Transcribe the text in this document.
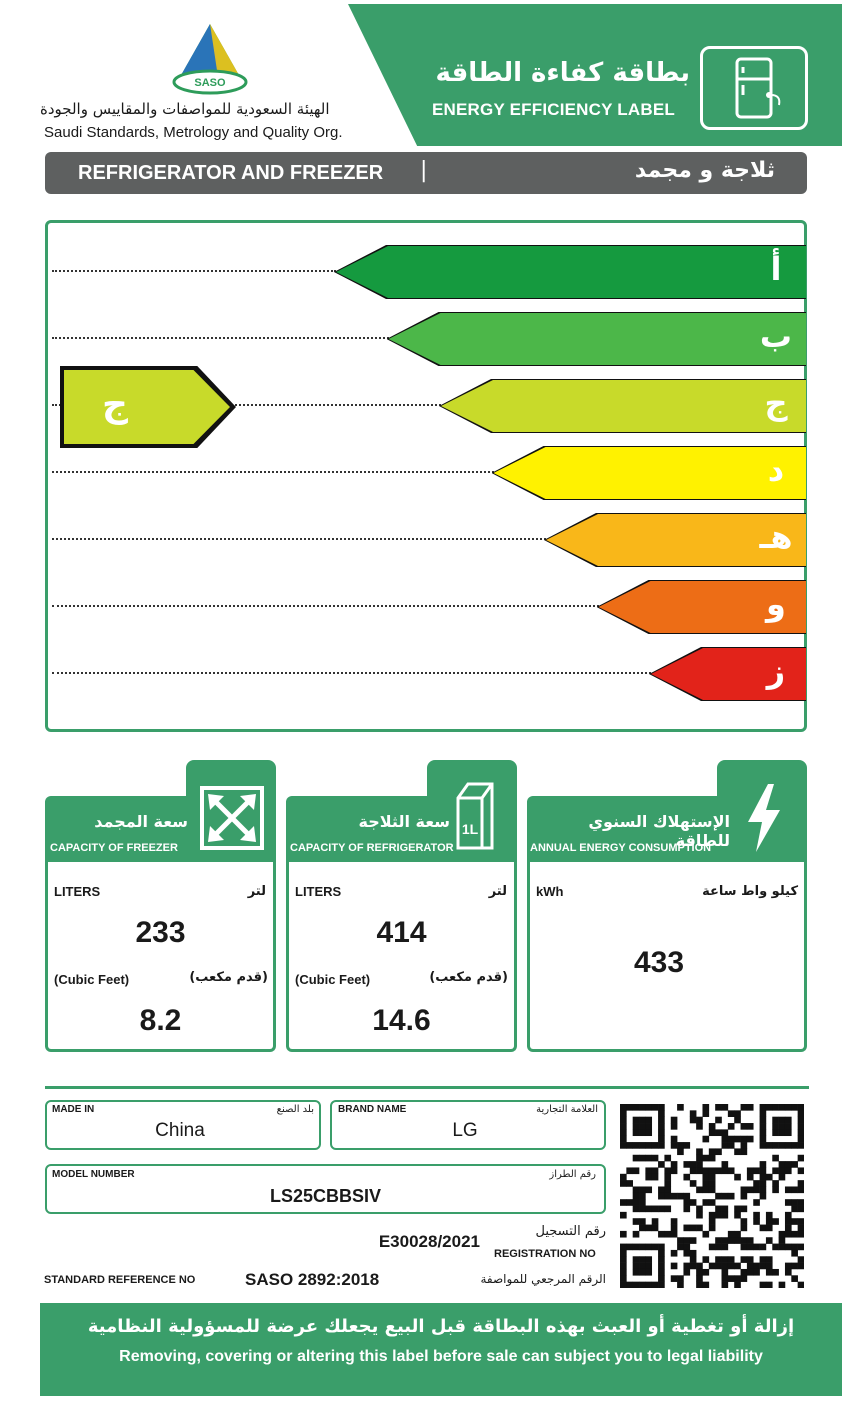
SASO
الهيئة السعودية للمواصفات والمقاييس والجودة
Saudi Standards, Metrology and Quality Org.
بطاقة كفاءة الطاقة
ENERGY EFFICIENCY LABEL
REFRIGERATOR AND FREEZER |	ثلاجة و مجمد
أ
ب
ج
د
هـ
و
ز
ج
سعة المجمد
CAPACITY OF FREEZER
LITERS	لتر
233
(Cubic Feet)	(قدم مكعب)
8.2
سعة الثلاجة
CAPACITY OF REFRIGERATOR
1L
LITERS	لتر
414
(Cubic Feet)	(قدم مكعب)
14.6
الإستهلاك السنوي للطاقة
ANNUAL ENERGY CONSUMPTION
kWh	كيلو واط ساعة
433
MADE IN	بلد الصنع
China
BRAND NAME	العلامة التجارية
LG
MODEL NUMBER	رقم الطراز
LS25CBBSIV
E30028/2021
رقم التسجيل
REGISTRATION NO
STANDARD REFERENCE NO	SASO 2892:2018	الرقم المرجعي للمواصفة
إزالة أو تغطية أو العبث بهذه البطاقة قبل البيع يجعلك عرضة للمسؤولية النظامية
Removing, covering or altering this label before sale can subject you to legal liability
